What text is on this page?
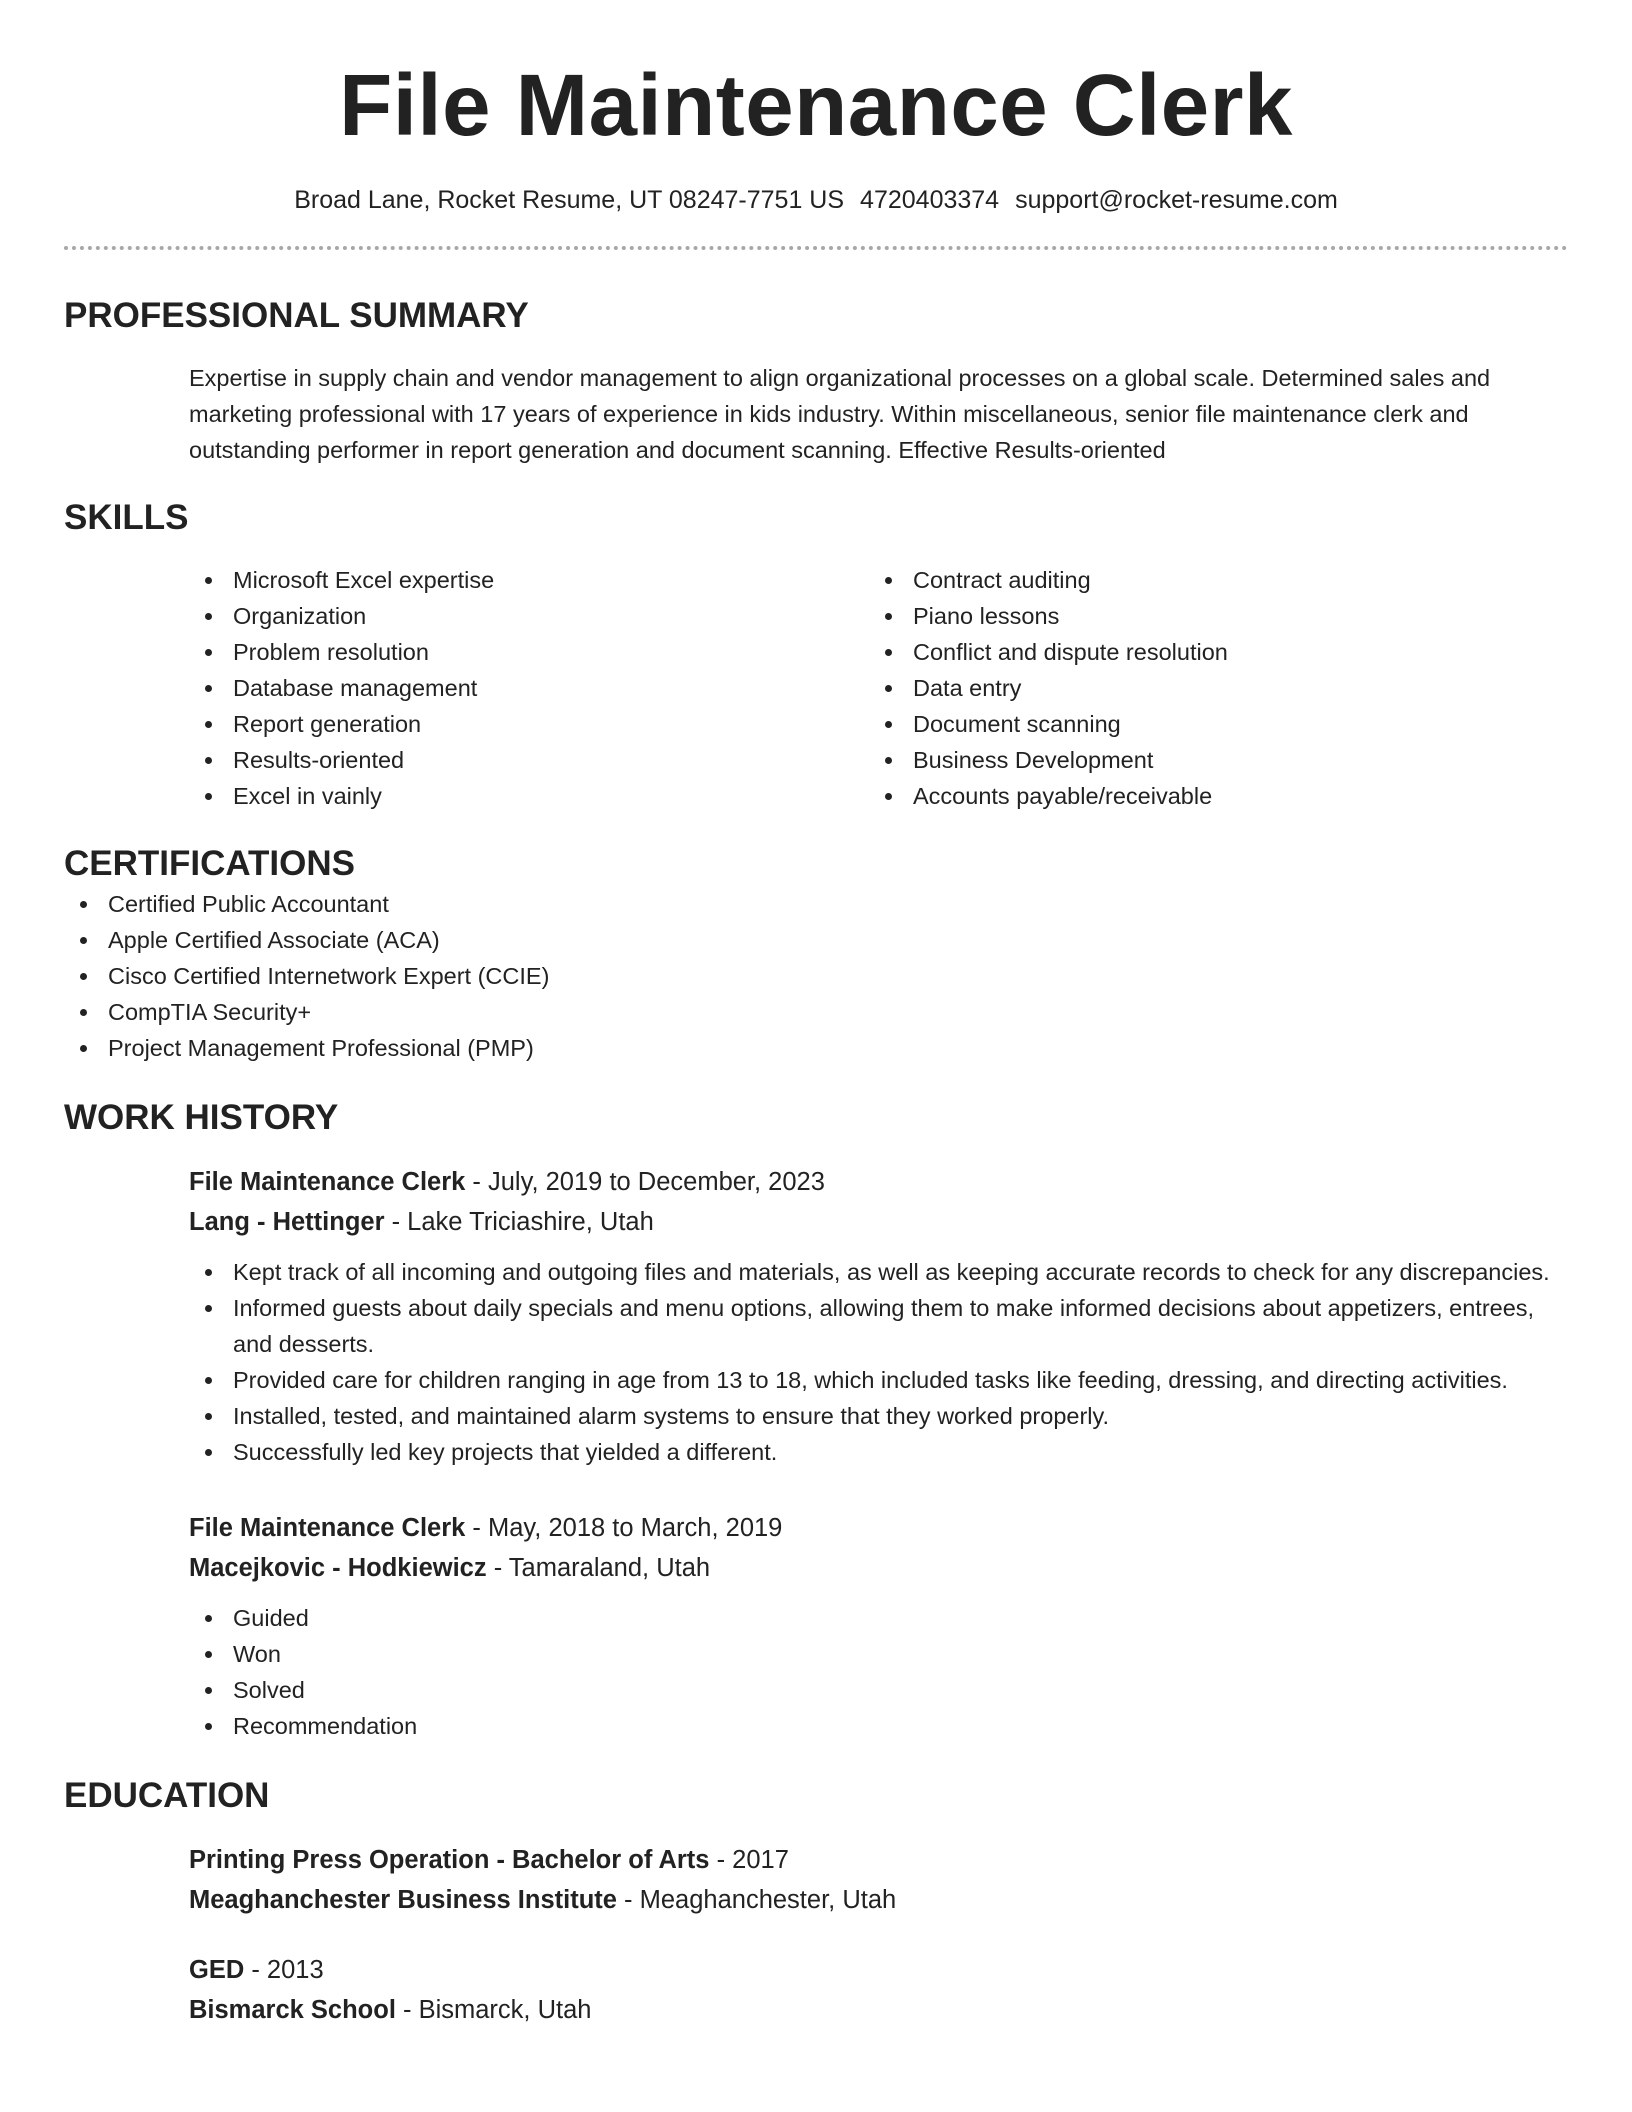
File Maintenance Clerk
Broad Lane, Rocket Resume, UT 08247-7751 US 4720403374 support@rocket-resume.com
PROFESSIONAL SUMMARY
Expertise in supply chain and vendor management to align organizational processes on a global scale. Determined sales and marketing professional with 17 years of experience in kids industry. Within miscellaneous, senior file maintenance clerk and outstanding performer in report generation and document scanning. Effective Results-oriented
SKILLS
Microsoft Excel expertise
Organization
Problem resolution
Database management
Report generation
Results-oriented
Excel in vainly
Contract auditing
Piano lessons
Conflict and dispute resolution
Data entry
Document scanning
Business Development
Accounts payable/receivable
CERTIFICATIONS
Certified Public Accountant
Apple Certified Associate (ACA)
Cisco Certified Internetwork Expert (CCIE)
CompTIA Security+
Project Management Professional (PMP)
WORK HISTORY
File Maintenance Clerk - July, 2019 to December, 2023
Lang - Hettinger - Lake Triciashire, Utah
Kept track of all incoming and outgoing files and materials, as well as keeping accurate records to check for any discrepancies.
Informed guests about daily specials and menu options, allowing them to make informed decisions about appetizers, entrees, and desserts.
Provided care for children ranging in age from 13 to 18, which included tasks like feeding, dressing, and directing activities.
Installed, tested, and maintained alarm systems to ensure that they worked properly.
Successfully led key projects that yielded a different.
File Maintenance Clerk - May, 2018 to March, 2019
Macejkovic - Hodkiewicz - Tamaraland, Utah
Guided
Won
Solved
Recommendation
EDUCATION
Printing Press Operation - Bachelor of Arts - 2017
Meaghanchester Business Institute - Meaghanchester, Utah
GED - 2013
Bismarck School - Bismarck, Utah
